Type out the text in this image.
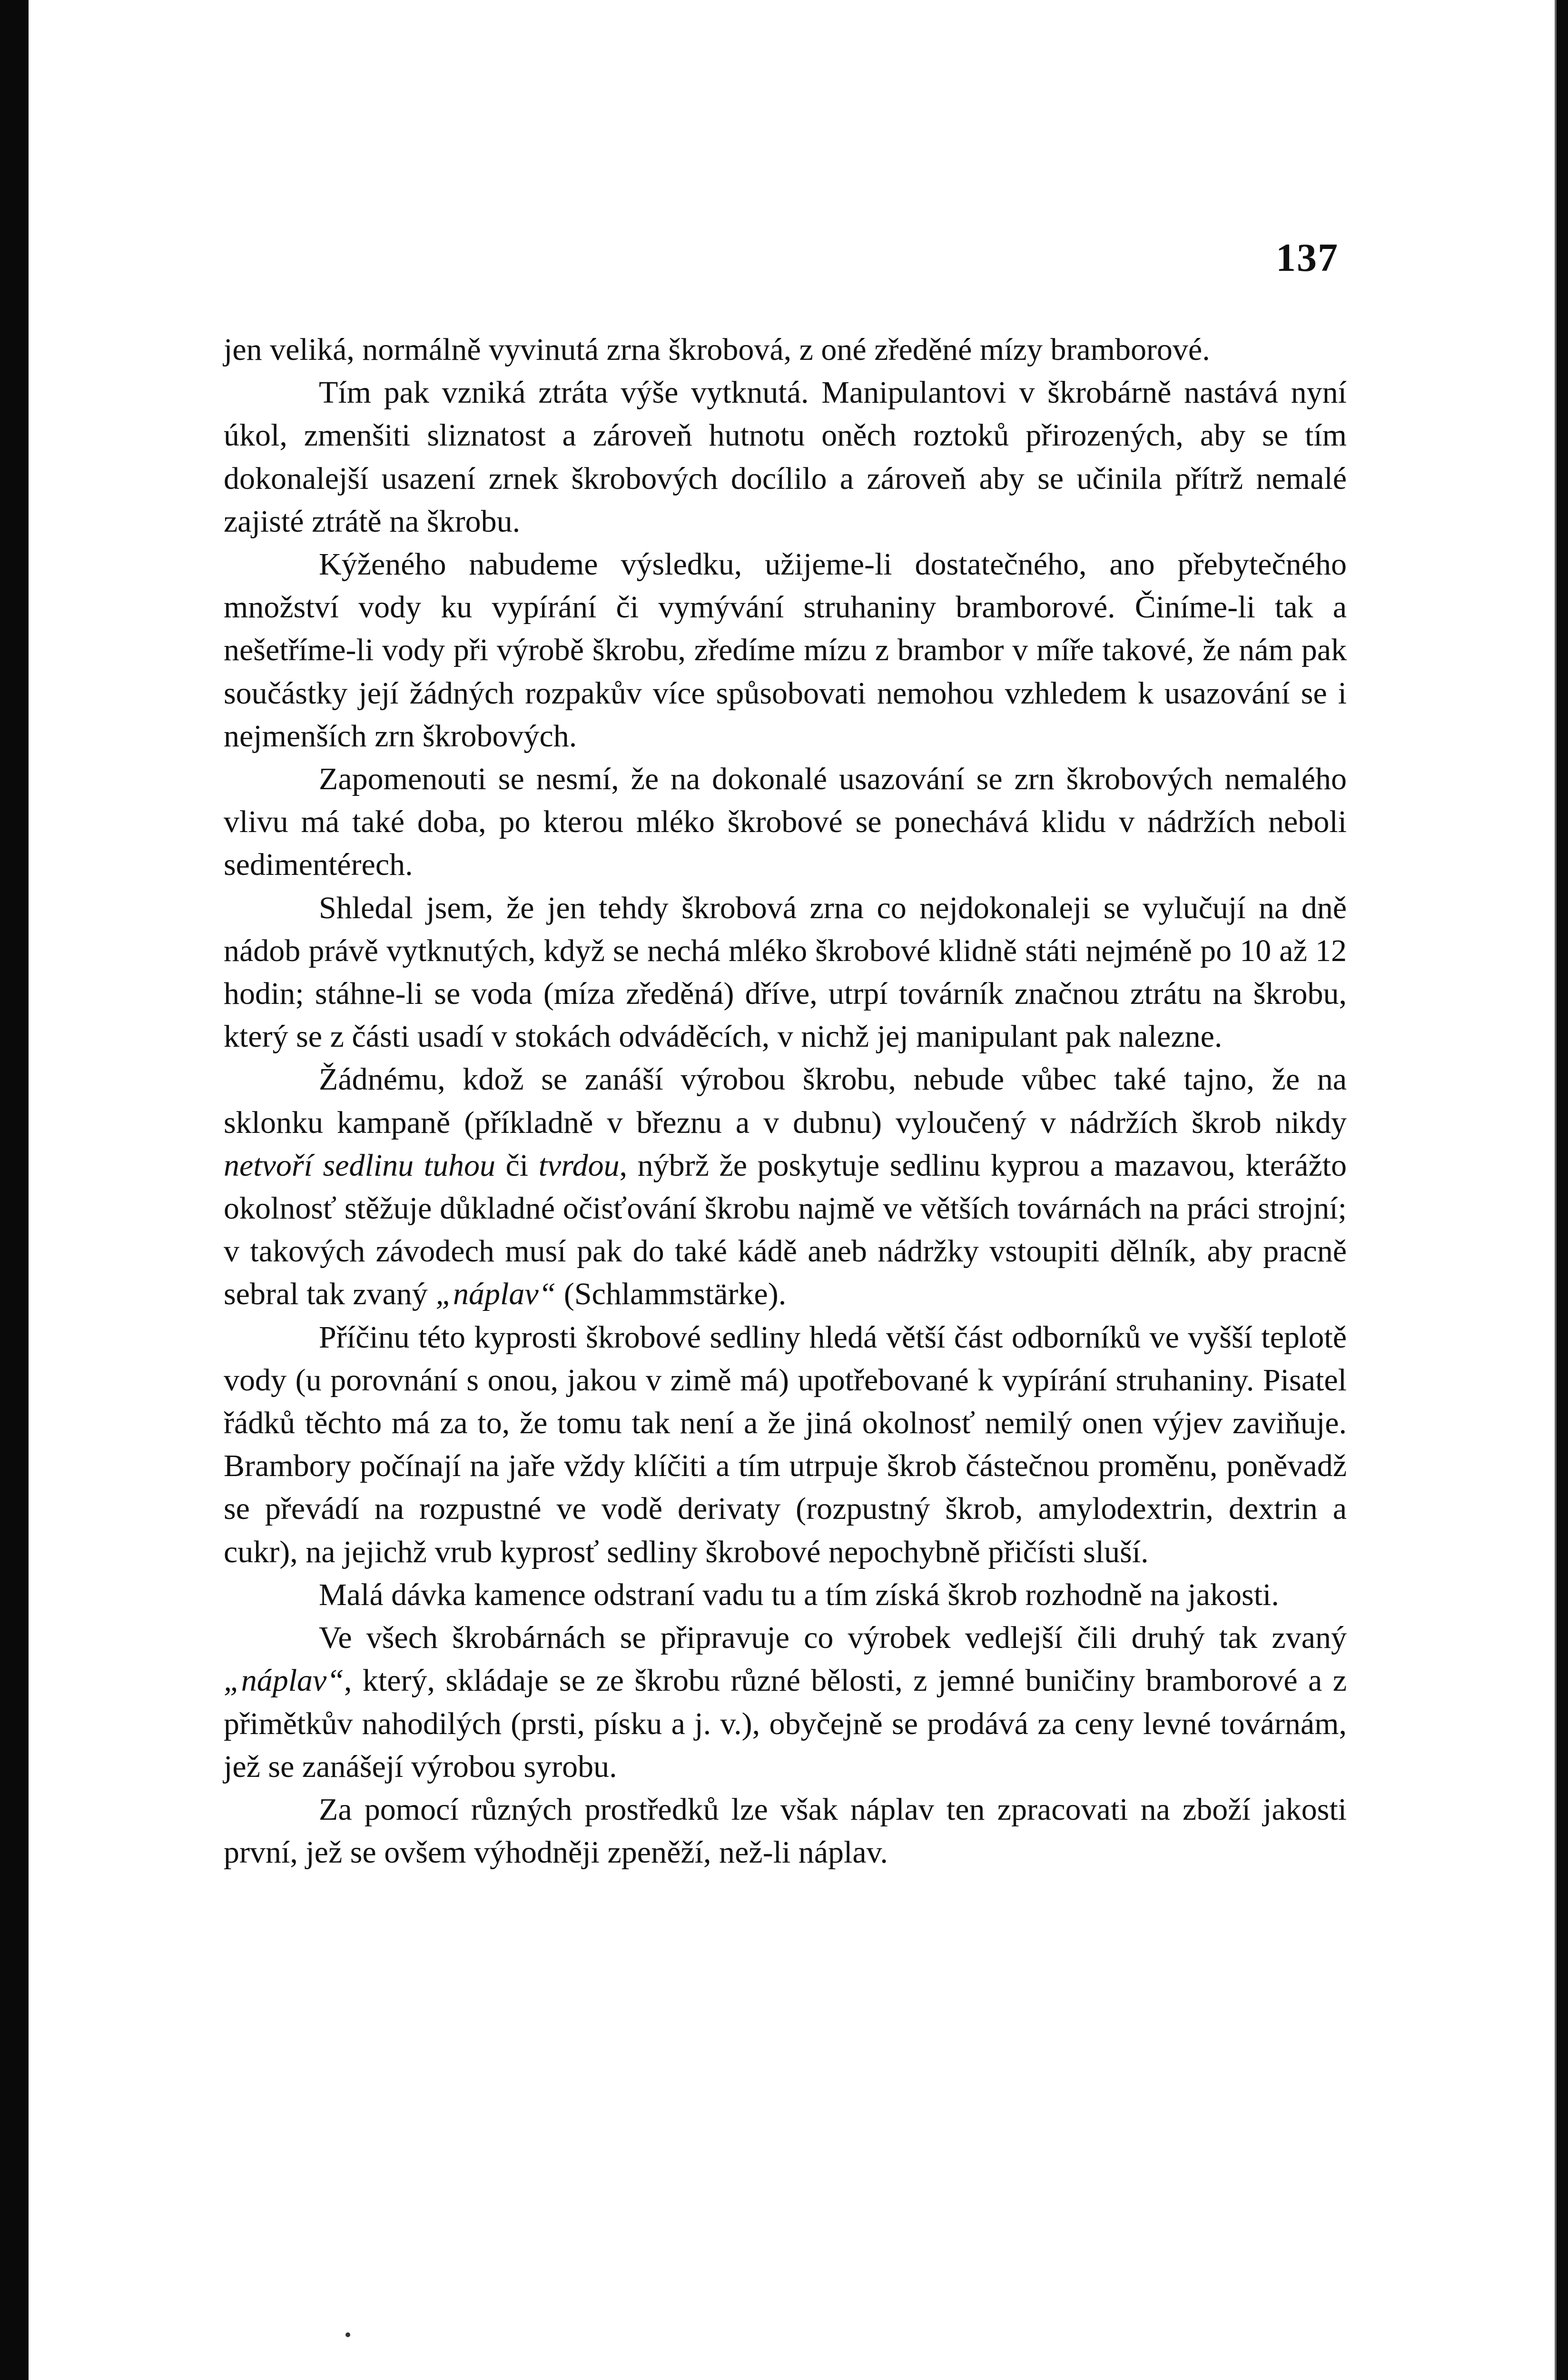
137

jen veliká, normálně vyvinutá zrna škrobová, z oné zředěné mízy bramborové.

Tím pak vzniká ztráta výše vytknutá. Manipulantovi v škrobárně nastává nyní úkol, zmenšiti sliznatost a zároveň hutnotu oněch roztoků přirozených, aby se tím dokonalejší usazení zrnek škrobových docílilo a zároveň aby se učinila přítrž nemalé zajisté ztrátě na škrobu.

Kýženého nabudeme výsledku, užijeme-li dostatečného, ano přebytečného množství vody ku vypírání či vymývání struhaniny bramborové. Činíme-li tak a nešetříme-li vody při výrobě škrobu, zředíme mízu z brambor v míře takové, že nám pak součástky její žádných rozpakův více spůsobovati nemohou vzhledem k usazování se i nejmenších zrn škrobových.

Zapomenouti se nesmí, že na dokonalé usazování se zrn škrobových nemalého vlivu má také doba, po kterou mléko škrobové se ponechává klidu v nádržích neboli sedimentérech.

Shledal jsem, že jen tehdy škrobová zrna co nejdokonaleji se vylučují na dně nádob právě vytknutých, když se nechá mléko škrobové klidně státi nejméně po 10 až 12 hodin; stáhne-li se voda (míza zředěná) dříve, utrpí továrník značnou ztrátu na škrobu, který se z části usadí v stokách odváděcích, v nichž jej manipulant pak nalezne.

Žádnému, kdož se zanáší výrobou škrobu, nebude vůbec také tajno, že na sklonku kampaně (příkladně v březnu a v dubnu) vyloučený v nádržích škrob nikdy netvoří sedlinu tuhou či tvrdou, nýbrž že poskytuje sedlinu kyprou a mazavou, kterážto okolnosť stěžuje důkladné očisťování škrobu najmě ve větších továrnách na práci strojní; v takových závodech musí pak do také kádě aneb nádržky vstoupiti dělník, aby pracně sebral tak zvaný „náplav“ (Schlammstärke).

Příčinu této kyprosti škrobové sedliny hledá větší část odborníků ve vyšší teplotě vody (u porovnání s onou, jakou v zimě má) upotřebované k vypírání struhaniny. Pisatel řádků těchto má za to, že tomu tak není a že jiná okolnosť nemilý onen výjev zaviňuje. Brambory počínají na jaře vždy klíčiti a tím utrpuje škrob částečnou proměnu, poněvadž se převádí na rozpustné ve vodě derivaty (rozpustný škrob, amylodextrin, dextrin a cukr), na jejichž vrub kyprosť sedliny škrobové nepochybně přičísti sluší.

Malá dávka kamence odstraní vadu tu a tím získá škrob rozhodně na jakosti.

Ve všech škrobárnách se připravuje co výrobek vedlejší čili druhý tak zvaný „náplav“, který, skládaje se ze škrobu různé bělosti, z jemné buničiny bramborové a z přimětkův nahodilých (prsti, písku a j. v.), obyčejně se prodává za ceny levné továrnám, jež se zanášejí výrobou syrobu.

Za pomocí různých prostředků lze však náplav ten zpracovati na zboží jakosti první, jež se ovšem výhodněji zpeněží, než-li náplav.
